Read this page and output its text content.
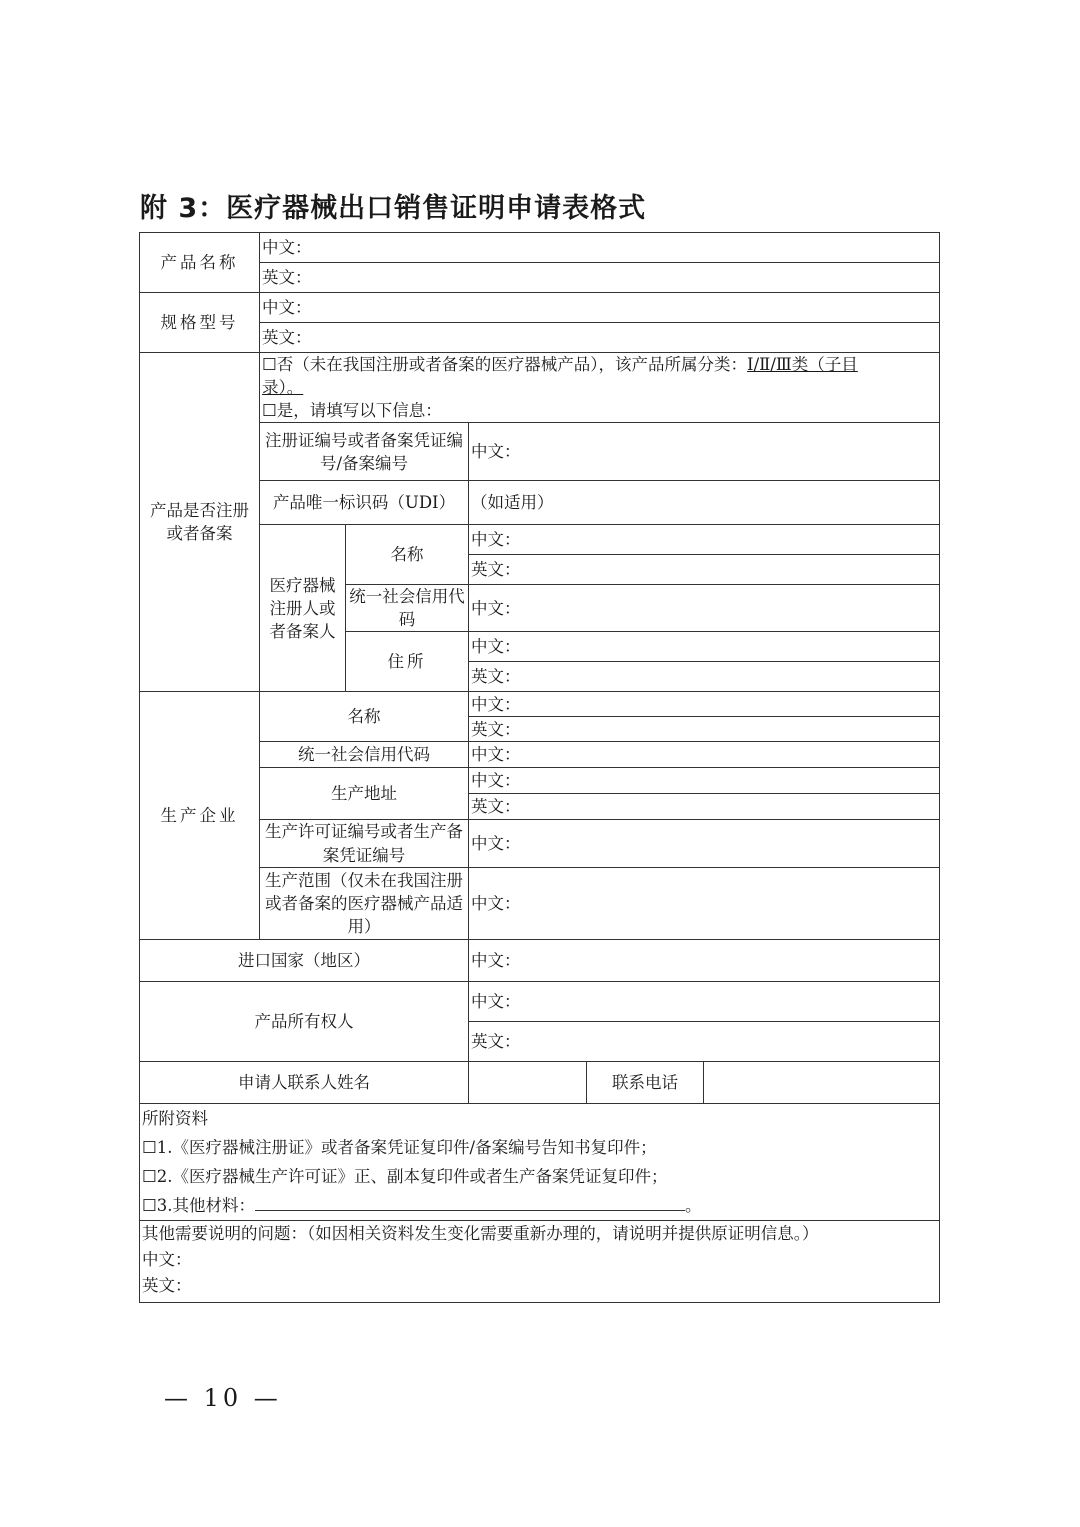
附 3：医疗器械出口销售证明申请表格式
产品名称	中文：				
	英文：				
规格型号	中文：				
	英文：				
产品是否注册或者备案	☐否（未在我国注册或者备案的医疗器械产品），该产品所属分类：Ⅰ/Ⅱ/Ⅲ类（子目
录）。
☐是，请填写以下信息：				

	注册证编号或者备案凭证编号/备案编号		中文：		
	产品唯一标识码（UDI）		（如适用）		
	医疗器械注册人或者备案人	名称	中文：		
			英文：		
		统一社会信用代码	中文：		
		住所	中文：		
			英文：		
生产企业	名称		中文：		
			英文：		
	统一社会信用代码		中文：		
	生产地址		中文：		
			英文：		
	生产许可证编号或者生产备案凭证编号		中文：		
	生产范围（仅未在我国注册或者备案的医疗器械产品适用）		中文：		
进口国家（地区）			中文：		
产品所有权人			中文：		
			英文：		
申请人联系人姓名				联系电话	

所附资料
☐1.《医疗器械注册证》或者备案凭证复印件/备案编号告知书复印件；
☐2.《医疗器械生产许可证》正、副本复印件或者生产备案凭证复印件；
☐3.其他材料： 。					

其他需要说明的问题：（如因相关资料发生变化需要重新办理的，请说明并提供原证明信息。）
中文：
英文：					
— 10 —
